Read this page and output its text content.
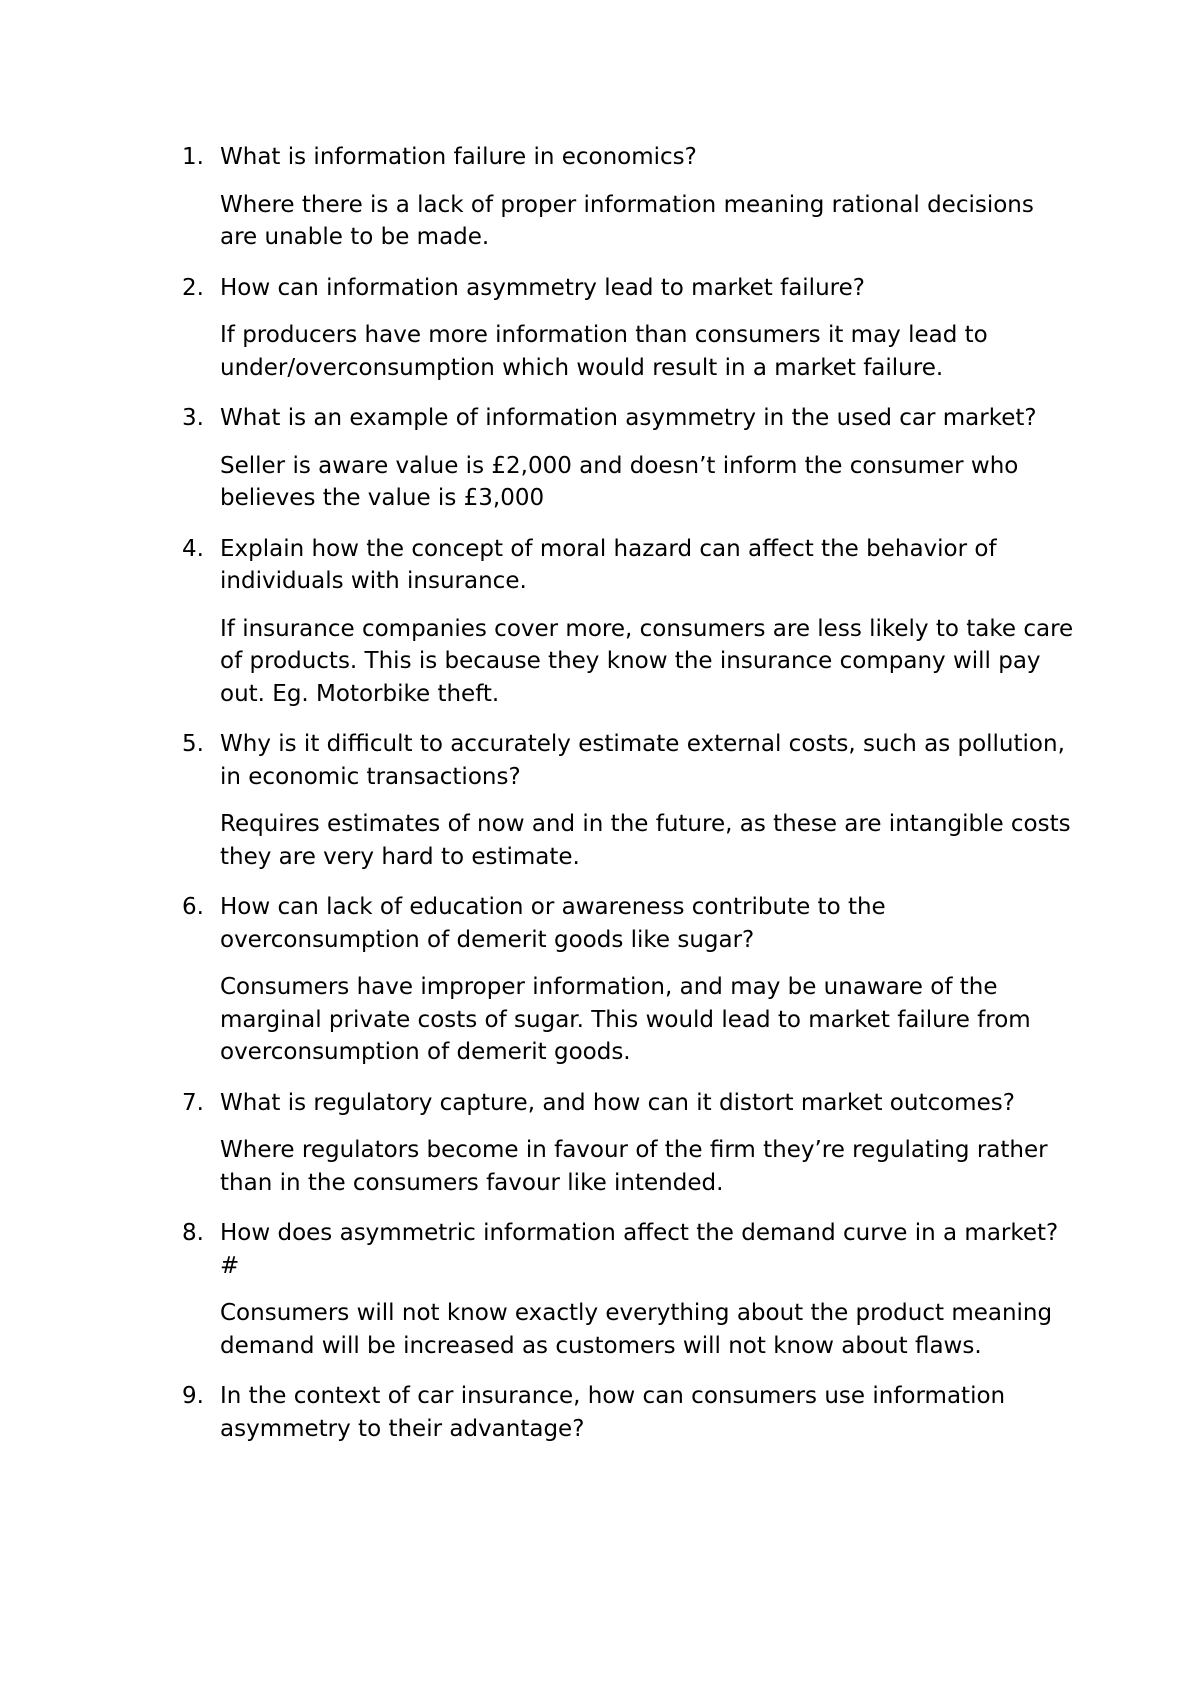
1. What is information failure in economics?

Where there is a lack of proper information meaning rational decisions are unable to be made.

2. How can information asymmetry lead to market failure?

If producers have more information than consumers it may lead to under/overconsumption which would result in a market failure.

3. What is an example of information asymmetry in the used car market?

Seller is aware value is £2,000 and doesn’t inform the consumer who believes the value is £3,000

4. Explain how the concept of moral hazard can affect the behavior of individuals with insurance.

If insurance companies cover more, consumers are less likely to take care of products. This is because they know the insurance company will pay out. Eg. Motorbike theft.

5. Why is it difficult to accurately estimate external costs, such as pollution, in economic transactions?

Requires estimates of now and in the future, as these are intangible costs they are very hard to estimate.

6. How can lack of education or awareness contribute to the overconsumption of demerit goods like sugar?

Consumers have improper information, and may be unaware of the marginal private costs of sugar. This would lead to market failure from overconsumption of demerit goods.

7. What is regulatory capture, and how can it distort market outcomes?

Where regulators become in favour of the firm they’re regulating rather than in the consumers favour like intended.

8. How does asymmetric information affect the demand curve in a market?#

Consumers will not know exactly everything about the product meaning demand will be increased as customers will not know about flaws.

9. In the context of car insurance, how can consumers use information asymmetry to their advantage?
